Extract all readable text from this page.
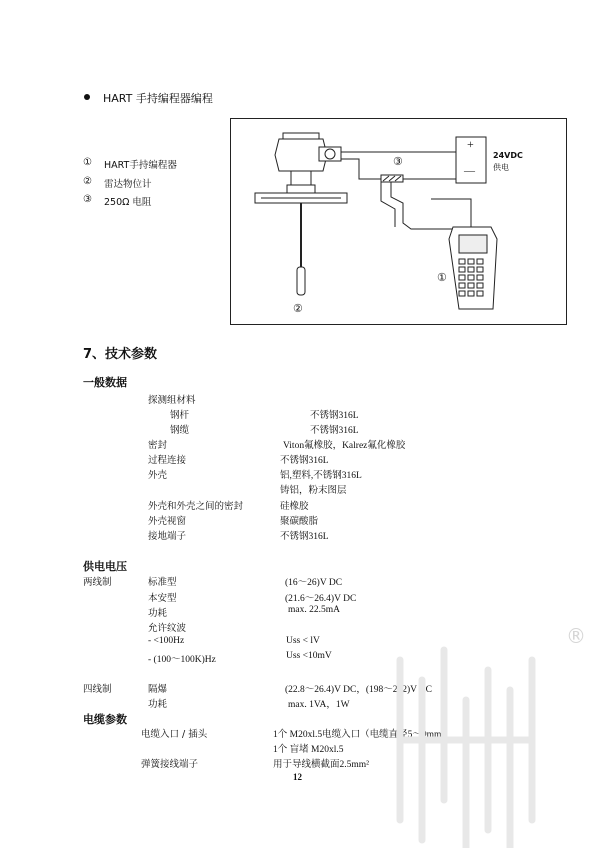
HART 手持编程器编程
① HART手持编程器
② 雷达物位计
③ 250Ω 电阻
+
—
24VDC
供电
③
①
②
7、技术参数
一般数据
探测组材料
钢杆	不锈钢316L
钢缆	不锈钢316L
密封	Viton氟橡胶，Kalrez氟化橡胶
过程连接	不锈钢316L
外壳	铝,塑料,不锈钢316L
铸铝，粉末图层
外壳和外壳之间的密封	硅橡胶
外壳视窗	聚碳酸脂
接地端子	不锈钢316L
供电电压
两线制	标准型	(16～26)V DC
本安型	(21.6～26.4)V DC
功耗	max. 22.5mA
允许纹波
- <100Hz	Uss < lV
- (100～100K)Hz	Uss <10mV
四线制	隔爆	(22.8～26.4)V DC，(198～242)V AC
功耗	max. 1VA，1W
电缆参数
电缆入口 / 插头	1个 M20xl.5电缆入口（电缆直径5～9mm）
1个 盲堵 M20xl.5
弹簧接线端子	用于导线横截面2.5mm²
12
®
